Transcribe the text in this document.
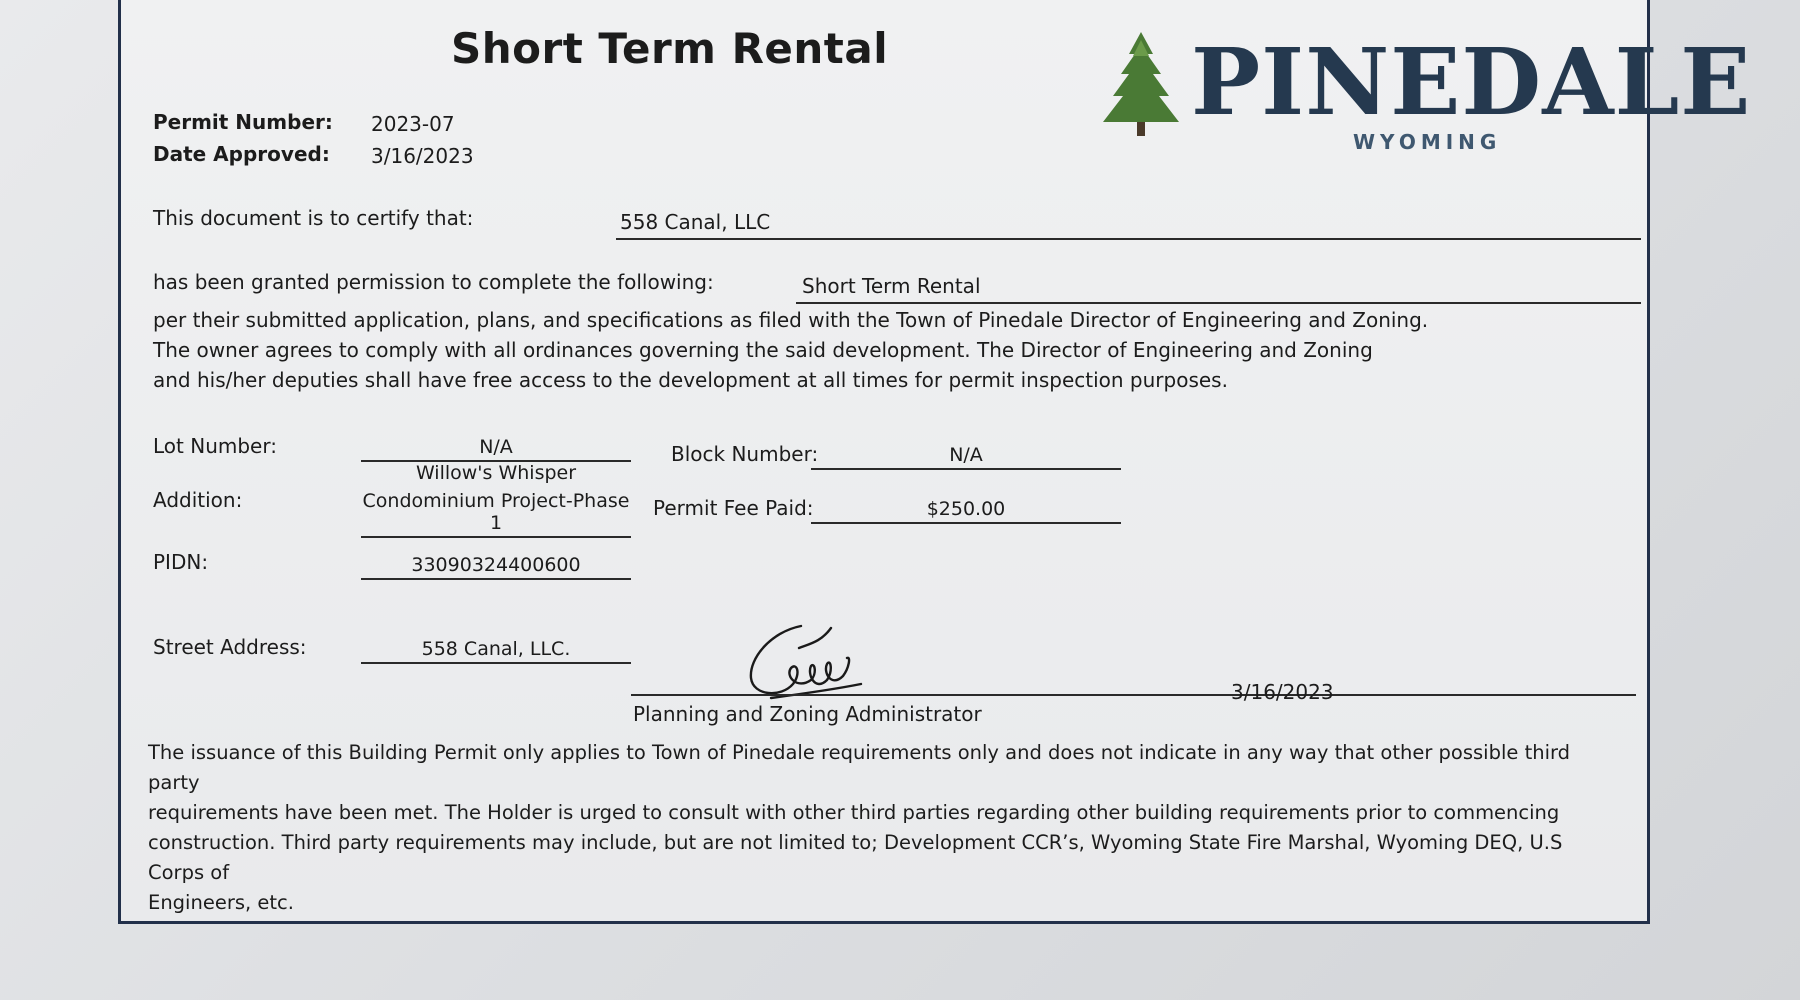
Short Term Rental	PINEDALE
WYOMING
Permit Number: 2023-07
Date Approved: 3/16/2023
This document is to certify that:	558 Canal, LLC
has been granted permission to complete the following:	Short Term Rental
per their submitted application, plans, and specifications as filed with the Town of Pinedale Director of Engineering and Zoning.
The owner agrees to comply with all ordinances governing the said development. The Director of Engineering and Zoning
and his/her deputies shall have free access to the development at all times for permit inspection purposes.
Lot Number:	N/A	Block Number:	N/A
Addition:
Willow's Whisper
Condominium Project-Phase 1
Permit Fee Paid:	$250.00
PIDN:	33090324400600
Street Address:	558 Canal, LLC.
3/16/2023
Planning and Zoning Administrator
The issuance of this Building Permit only applies to Town of Pinedale requirements only and does not indicate in any way that other possible third party
requirements have been met. The Holder is urged to consult with other third parties regarding other building requirements prior to commencing
construction. Third party requirements may include, but are not limited to; Development CCR’s, Wyoming State Fire Marshal, Wyoming DEQ, U.S Corps of
Engineers, etc.
